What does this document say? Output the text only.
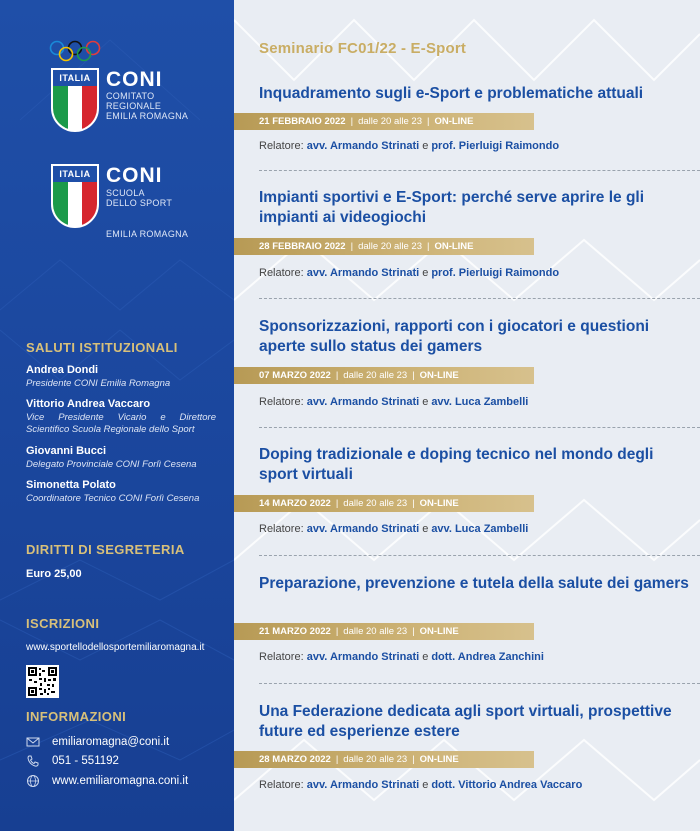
ITALIA CONI
COMITATO
REGIONALE
EMILIA ROMAGNA
ITALIA CONI
SCUOLA
DELLO SPORT
EMILIA ROMAGNA
SALUTI ISTITUZIONALI
Andrea Dondi
Presidente CONI Emilia Romagna
Vittorio Andrea Vaccaro
Vice Presidente Vicario e Direttore Scientifico Scuola Regionale dello Sport
Giovanni Bucci
Delegato Provinciale CONI Forlì Cesena
Simonetta Polato
Coordinatore Tecnico CONI Forlì Cesena
DIRITTI DI SEGRETERIA
Euro 25,00
ISCRIZIONI
www.sportellodellosportemiliaromagna.it
INFORMAZIONI
emiliaromagna@coni.it
051 - 551192
www.emiliaromagna.coni.it
Seminario FC01/22 - E-Sport
Inquadramento sugli e-Sport e problematiche attuali
21 FEBBRAIO 2022 | dalle 20 alle 23 | ON-LINE
Relatore: avv. Armando Strinati e prof. Pierluigi Raimondo
Impianti sportivi e E-Sport: perché serve aprire le gli impianti ai videogiochi
28 FEBBRAIO 2022 | dalle 20 alle 23 | ON-LINE
Relatore: avv. Armando Strinati e prof. Pierluigi Raimondo
Sponsorizzazioni, rapporti con i giocatori e questioni aperte sullo status dei gamers
07 MARZO 2022 | dalle 20 alle 23 | ON-LINE
Relatore: avv. Armando Strinati e avv. Luca Zambelli
Doping tradizionale e doping tecnico nel mondo degli sport virtuali
14 MARZO 2022 | dalle 20 alle 23 | ON-LINE
Relatore: avv. Armando Strinati e avv. Luca Zambelli
Preparazione, prevenzione e tutela della salute dei gamers
21 MARZO 2022 | dalle 20 alle 23 | ON-LINE
Relatore: avv. Armando Strinati e dott. Andrea Zanchini
Una Federazione dedicata agli sport virtuali, prospettive future ed esperienze estere
28 MARZO 2022 | dalle 20 alle 23 | ON-LINE
Relatore: avv. Armando Strinati e dott. Vittorio Andrea Vaccaro
